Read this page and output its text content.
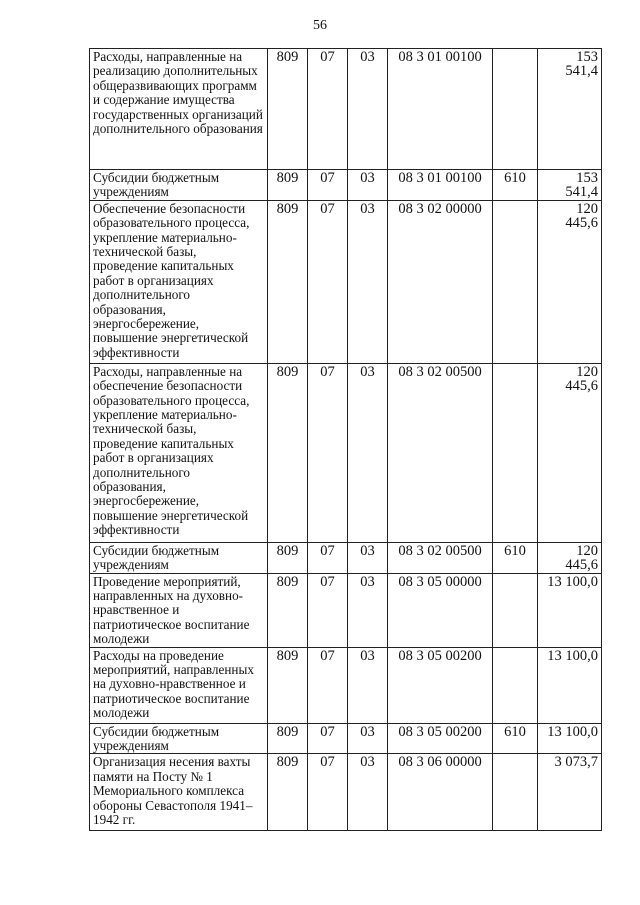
56
Расходы, направленные на реализацию дополнительных общеразвивающих программ и содержание имущества государственных организаций дополнительного образования	809	07	03	08 3 01 00100		153 541,4
Субсидии бюджетным учреждениям	809	07	03	08 3 01 00100	610	153 541,4
Обеспечение безопасности образовательного процесса, укрепление материально-технической базы, проведение капитальных работ в организациях дополнительного образования, энергосбережение, повышение энергетической эффективности	809	07	03	08 3 02 00000		120 445,6
Расходы, направленные на обеспечение безопасности образовательного процесса, укрепление материально-технической базы, проведение капитальных работ в организациях дополнительного образования, энергосбережение, повышение энергетической эффективности	809	07	03	08 3 02 00500		120 445,6
Субсидии бюджетным учреждениям	809	07	03	08 3 02 00500	610	120 445,6
Проведение мероприятий, направленных на духовно-нравственное и патриотическое воспитание молодежи	809	07	03	08 3 05 00000		13 100,0
Расходы на проведение мероприятий, направленных на духовно-нравственное и патриотическое воспитание молодежи	809	07	03	08 3 05 00200		13 100,0
Субсидии бюджетным учреждениям	809	07	03	08 3 05 00200	610	13 100,0
Организация несения вахты памяти на Посту № 1 Мемориального комплекса обороны Севастополя 1941–1942 гг.	809	07	03	08 3 06 00000		3 073,7
